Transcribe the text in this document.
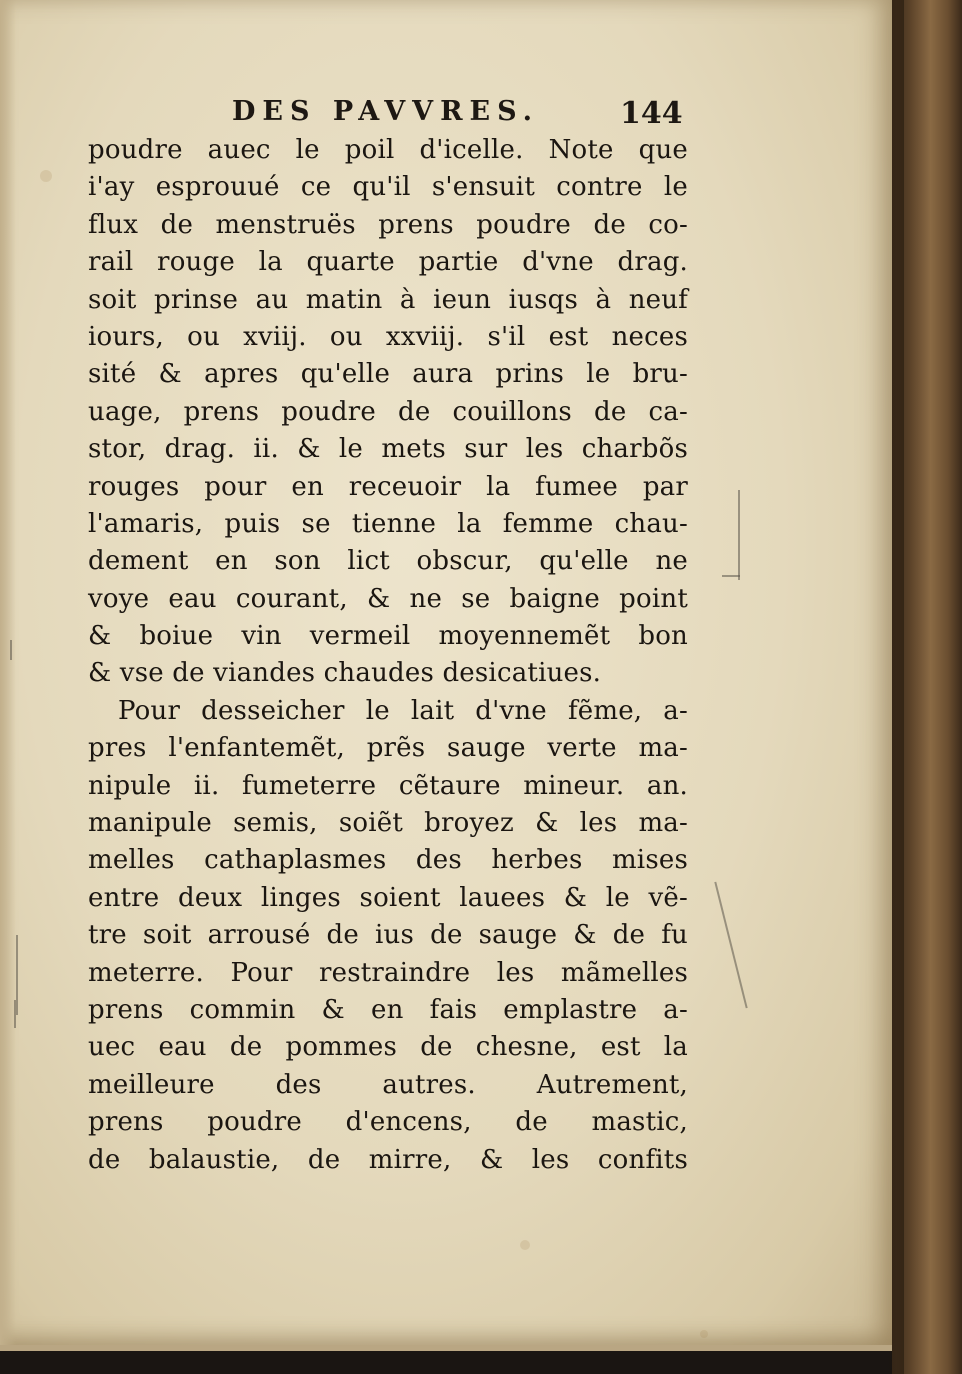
DES PAVVRES.	144
poudre auec le poil d'icelle. Note que
i'ay esprouué ce qu'il s'ensuit contre le
flux de menstruës prens poudre de co-
rail rouge la quarte partie d'vne drag.
soit prinse au matin à ieun iusqs à neuf
iours, ou xviij. ou xxviij. s'il est neces
sité & apres qu'elle aura prins le bru-
uage, prens poudre de couillons de ca-
stor, drag. ii. & le mets sur les charbõs
rouges pour en receuoir la fumee par
l'amaris, puis se tienne la femme chau-
dement en son lict obscur, qu'elle ne
voye eau courant, & ne se baigne point
& boiue vin vermeil moyennemẽt bon
& vse de viandes chaudes desicatiues.
Pour desseicher le lait d'vne fẽme, a-
pres l'enfantemẽt, prẽs sauge verte ma-
nipule ii. fumeterre cẽtaure mineur. an.
manipule semis, soiẽt broyez & les ma-
melles cathaplasmes des herbes mises
entre deux linges soient lauees & le vẽ-
tre soit arrousé de ius de sauge & de fu
meterre. Pour restraindre les mãmelles
prens commin & en fais emplastre a-
uec eau de pommes de chesne, est la
meilleure des autres. Autrement,
prens poudre d'encens, de mastic,
de balaustie, de mirre, & les confits
